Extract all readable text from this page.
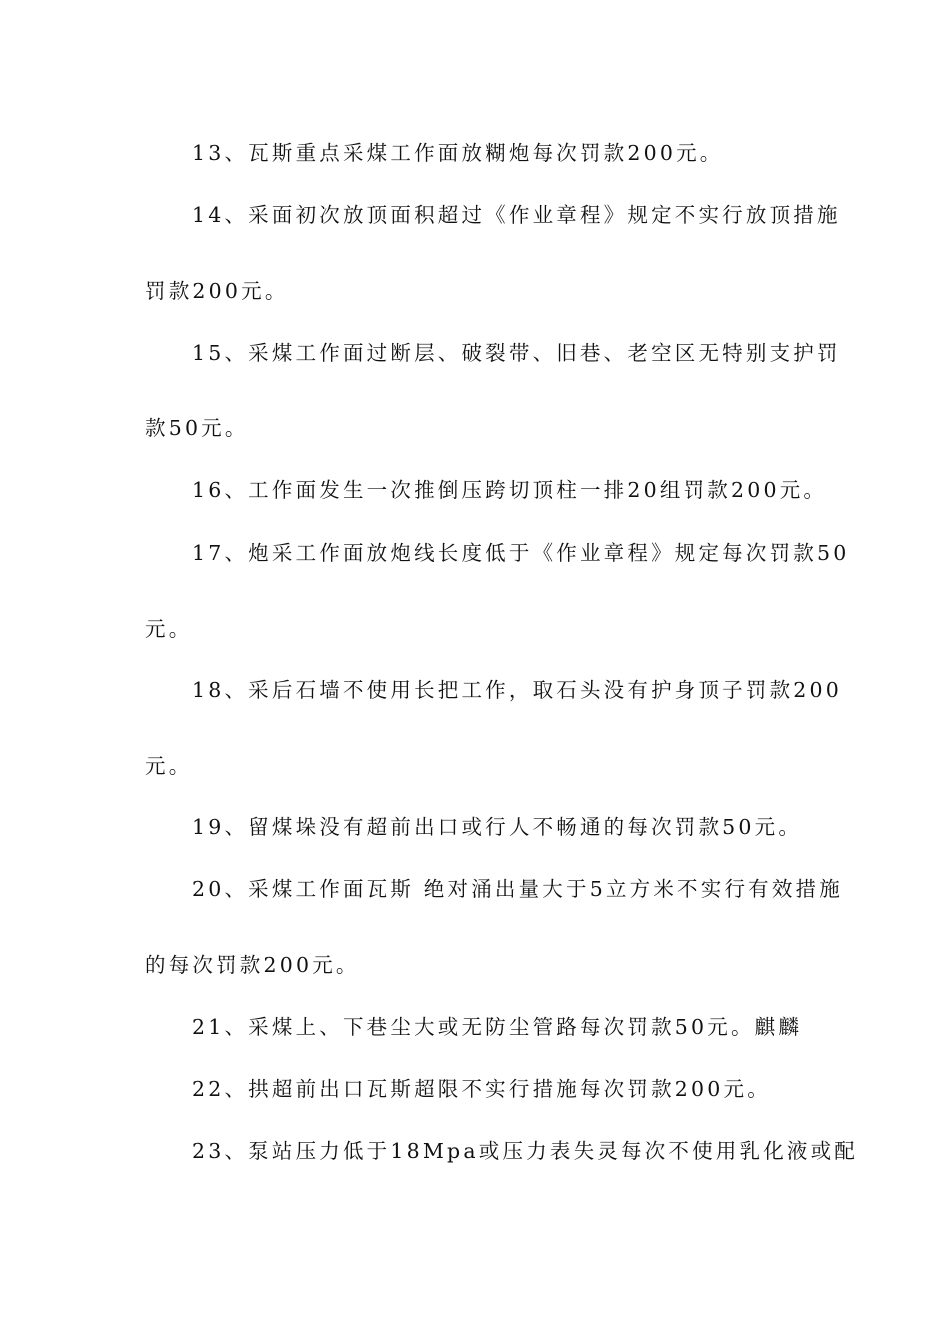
13、瓦斯重点采煤工作面放糊炮每次罚款200元。
14、采面初次放顶面积超过《作业章程》规定不实行放顶措施
罚款200元。
15、采煤工作面过断层、破裂带、旧巷、老空区无特别支护罚
款50元。
16、工作面发生一次推倒压跨切顶柱一排20组罚款200元。
17、炮采工作面放炮线长度低于《作业章程》规定每次罚款50
元。
18、采后石墙不使用长把工作，取石头没有护身顶子罚款200
元。
19、留煤垛没有超前出口或行人不畅通的每次罚款50元。
20、采煤工作面瓦斯 绝对涌出量大于5立方米不实行有效措施
的每次罚款200元。
21、采煤上、下巷尘大或无防尘管路每次罚款50元。麒麟
22、拱超前出口瓦斯超限不实行措施每次罚款200元。
23、泵站压力低于18Mpa或压力表失灵每次不使用乳化液或配
